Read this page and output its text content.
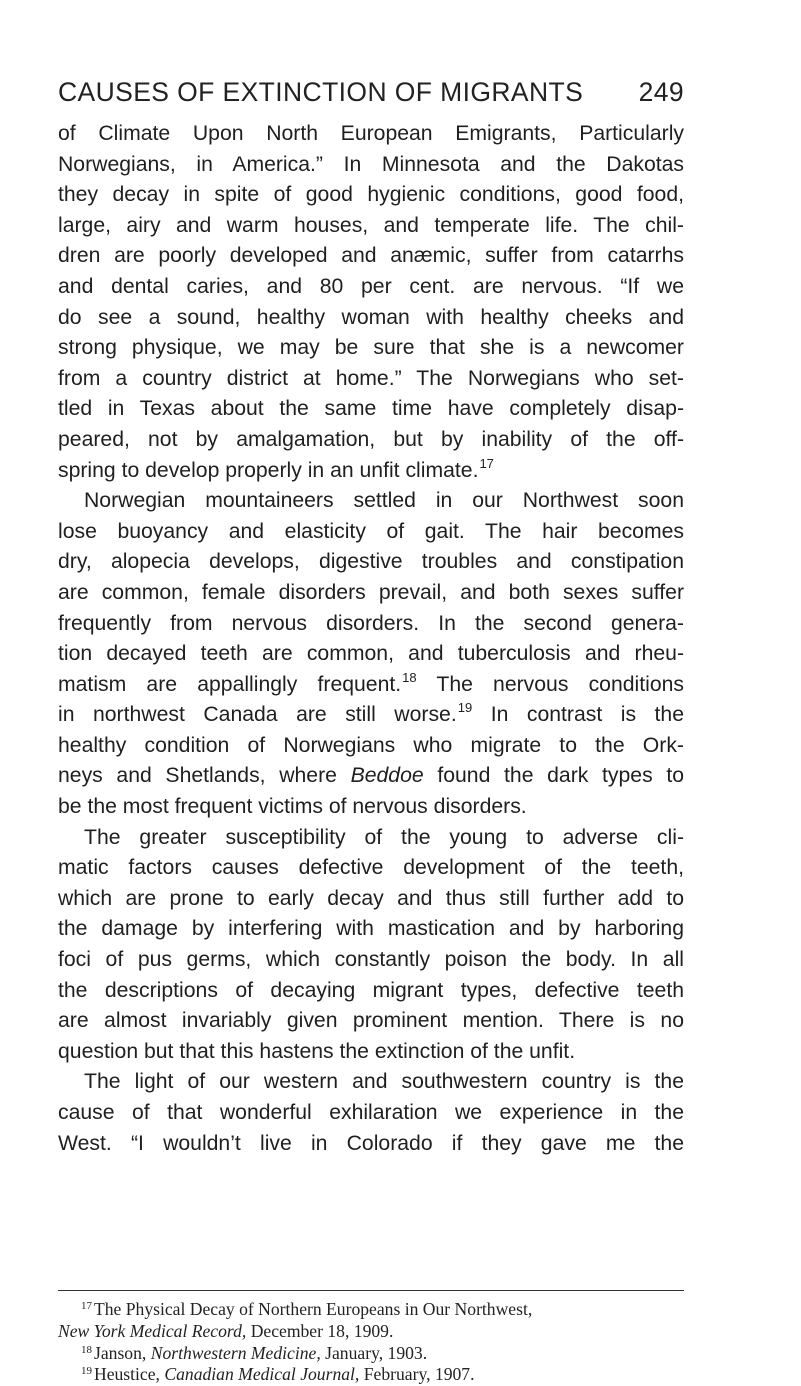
CAUSES OF EXTINCTION OF MIGRANTS 249

of Climate Upon North European Emigrants, Particularly
Norwegians, in America.” In Minnesota and the Dakotas
they decay in spite of good hygienic conditions, good food,
large, airy and warm houses, and temperate life. The chil-
dren are poorly developed and anæmic, suffer from catarrhs
and dental caries, and 80 per cent. are nervous. “If we
do see a sound, healthy woman with healthy cheeks and
strong physique, we may be sure that she is a newcomer
from a country district at home.” The Norwegians who set-
tled in Texas about the same time have completely disap-
peared, not by amalgamation, but by inability of the off-
spring to develop properly in an unfit climate.$^{17}$

Norwegian mountaineers settled in our Northwest soon
lose buoyancy and elasticity of gait. The hair becomes
dry, alopecia develops, digestive troubles and constipation
are common, female disorders prevail, and both sexes suffer
frequently from nervous disorders. In the second genera-
tion decayed teeth are common, and tuberculosis and rheu-
matism are appallingly frequent.$^{18}$ The nervous conditions
in northwest Canada are still worse.$^{19}$ In contrast is the
healthy condition of Norwegians who migrate to the Ork-
neys and Shetlands, where Beddoe found the dark types to
be the most frequent victims of nervous disorders.

The greater susceptibility of the young to adverse cli-
matic factors causes defective development of the teeth,
which are prone to early decay and thus still further add to
the damage by interfering with mastication and by harboring
foci of pus germs, which constantly poison the body. In all
the descriptions of decaying migrant types, defective teeth
are almost invariably given prominent mention. There is no
question but that this hastens the extinction of the unfit.

The light of our western and southwestern country is the
cause of that wonderful exhilaration we experience in the
West. “I wouldn’t live in Colorado if they gave me the

$^{17}$ The Physical Decay of Northern Europeans in Our Northwest,
New York Medical Record, December 18, 1909.
$^{18}$ Janson, Northwestern Medicine, January, 1903.
$^{19}$ Heustice, Canadian Medical Journal, February, 1907.
